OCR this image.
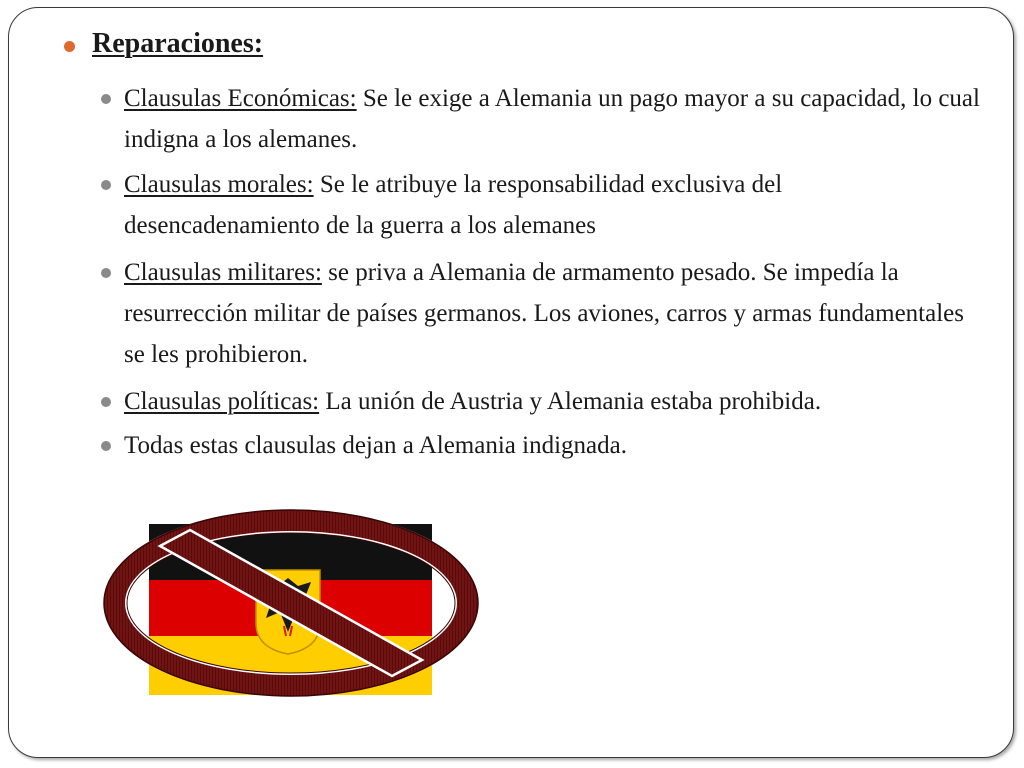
Reparaciones:
Clausulas Económicas: Se le exige a Alemania un pago mayor a su capacidad, lo cual indigna a los alemanes.
Clausulas morales: Se le atribuye la responsabilidad exclusiva del desencadenamiento de la guerra a los alemanes
Clausulas militares: se priva a Alemania de armamento pesado. Se impedía la resurrección militar de países germanos. Los aviones, carros y armas fundamentales se les prohibieron.
Clausulas políticas: La unión de Austria y Alemania estaba prohibida.
Todas estas clausulas dejan a Alemania indignada.
